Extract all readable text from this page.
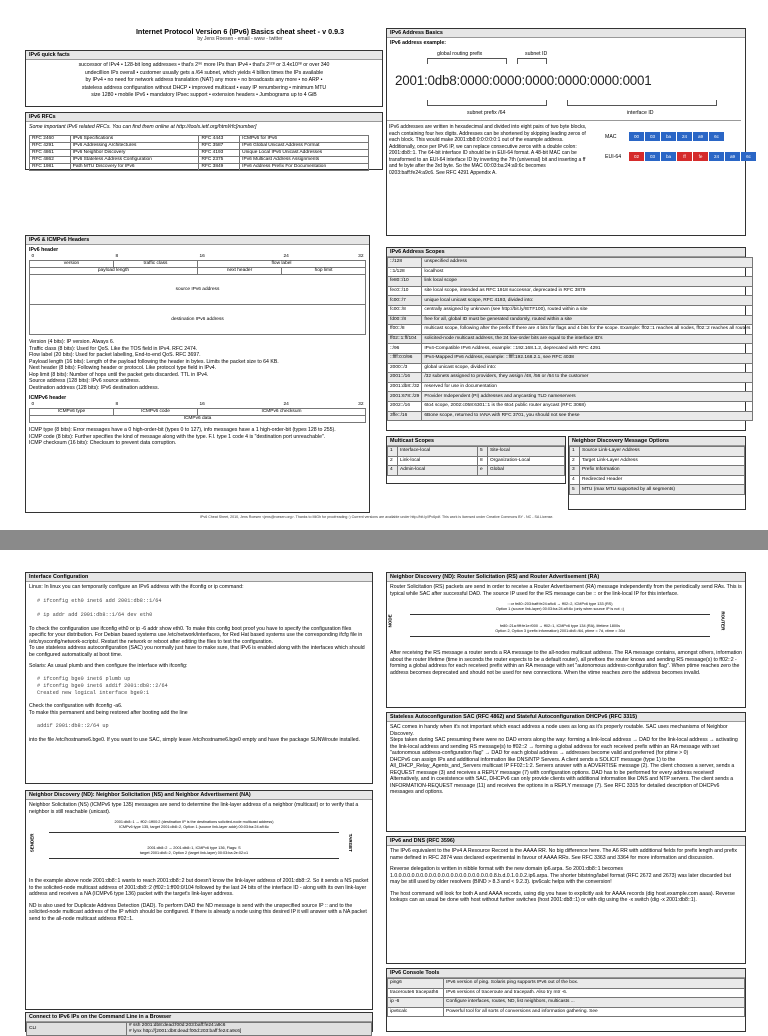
Internet Protocol Version 6 (IPv6) Basics cheat sheet - v 0.9.3
by Jens Roesen - email - www - twitter
IPv6 quick facts
successor of IPv4 • 128-bit long addresses • that's 2⁹⁶ more IPs than IPv4 • that's 2¹²⁸ or 3.4x10³⁸ or over 340
undecillion IPs overall • customer usually gets a /64 subnet, which yields 4 billion times the IPs available
by IPv4 • no need for network address translation (NAT) any more • no broadcasts any more • no ARP •
stateless address configuration without DHCP • improved multicast • easy IP renumbering • minimum MTU
size 1280 • mobile IPv6 • mandatory IPsec support • extension headers • Jumbograms up to 4 GiB
IPv6 RFCs
Some important IPv6 related RFCs. You can find them online at http://tools.ietf.org/html/rfc[number]
RFC 2460	IPv6 Specifications	RFC 4443	ICMPv6 for IPv6
RFC 4291	IPv6 Addressing Architectures	RFC 3587	IPv6 Global Unicast Address Format
RFC 4861	IPv6 Neighbor Discovery	RFC 4193	Unique Local IPv6 Unicast Addresses
RFC 4862	IPv6 Stateless Address Configuration	RFC 2375	IPv6 Multicast Address Assignments
RFC 1981	Path MTU Discovery for IPv6	RFC 3849	IPv6 Address Prefix For Documentation
IPv6 & ICMPv6 Headers
IPv6 header
0	8	16	24 32

version	traffic class	flow label	
payload length		next header	hop limit
source IPv6 address			
destination IPv6 address			
Version (4 bits): IP version. Always 6.
Traffic class (8 bits): Used for QoS. Like the TOS field in IPv4. RFC 2474.
Flow label (20 bits): Used for packet labelling, End-to-end QoS. RFC 3697.
Payload length (16 bits): Length of the payload following the header in bytes. Limits the packet size to 64 KB.
Next header (8 bits): Following header or protocol. Like protocol type field in IPv4.
Hop limit (8 bits): Number of hops until the packet gets discarded. TTL in IPv4.
Source address (128 bits): IPv6 source address.
Destination address (128 bits): IPv6 destination address.
ICMPv6 header
0	8	16	24 32

ICMPv6 type	ICMPv6 code	ICMPv6 checksum	
ICMPv6 data			
ICMP type (8 bits): Error messages have a 0 high-order-bit (types 0 to 127), info messages have a 1 high-order-bit (types 128 to 255).
ICMP code (8 bits): Further specifies the kind of message along with the type. F.I. type 1 code 4 is "destination port unreachable".
ICMP checksum (16 bits): Checksum to prevent data corruption.
IPv6 Address Basics
IPv6 address example:
global routing prefix	subnet ID
2001:0db8:0000:0000:0000:0000:0000:0001
subnet prefix /64	interface ID
IPv6 addresses are written in hexadecimal and divided into eight pairs of two byte blocks, each containing four hex digits. Addresses can be shortened by skipping leading zeros of each block. This would make 2001:db8:0:0:0:0:0:1 out of the example address. Additionally, once per IPv6 IP, we can replace consecutive zeros with a double colon: 2001:db8::1. The 64-bit interface ID should be in EUI-64 format. A 48-bit MAC can be transformed to an EUI-64 interface ID by inverting the 7th (universal) bit and inserting a ff and fe byte after the 3rd byte. So the MAC 00:03:ba:24:a9:6c becomes 0203:baff:fe24:a9c6. See RFC 4291 Appendix A.
MAC
EUI-64
00	03	ba	24	a9	6c
02	03	ba	ff	fe	24	a9	6c
IPv6 Address Scopes
::/128	unspecified address
::1/128	localhost
fe80::/10	link local scope
fec0::/10	site local scope, intended as RFC 1918 successor, deprecated in RFC 3879
fc00::/7	unique local unicast scope, RFC 4193, divided into:
fc00::/8	centrally assigned by unknown (see http://bit.ly/IETF100), routed within a site
fd00::/8	free for all, global ID must be generated randomly, routed within a site
ff00::/8	multicast scope, following after the prefix ff there are 4 bits for flags and 4 bits for the scope. Example: ff02::1 reaches all nodes, ff02::2 reaches all routers
ff02::1:ff/104	solicited-node multicast address, the 24 low-order bits are equal to the interface ID's
::/96	IPv4-Compatible IPv6 Address, example: ::192.168.1.2, deprecated with RFC 4291
::ffff:0:0/96	IPv4-Mapped IPv6 Address, example: ::ffff:192.168.2.1, see RFC 4038
2000::/3	global unicast scope, divided into:
2001::/16	/32 subnets assigned to providers, they assign /48, /56 or /64 to the customer
2001:db8::/32	reserved for use in documentation
2001:678::/29	Provider Independent (PI) addresses and anycasting TLD nameservers
2002::/16	6to4 scope, 2002:c058:6301::1 is the 6to4 public router anycast (RFC 3068)
3ffe::/16	6Bone scope, returned to IANA with RFC 3701, you should not see these
Multicast Scopes
1	Interface-local	5	Site-local
2	Link-local	8	Organization-Local
4	Admin-local	e	Global
Neighbor Discovery Message Options
1	Source Link-Layer Address
2	Target Link-Layer Address
3	Prefix Information
4	Redirected Header
5	MTU (max MTU supported by all segments)
IPv6 Cheat Sheet, 2010, Jens Roesen <jens@roesen.org>. Thanks to MiGh for proofreading :) Current versions are available under http://bit.ly/IPv6pdf. This work is licensed under Creative Commons BY - NC - SA License.
Interface Configuration
Linux: In linux you can temporarily configure an IPv6 address with the ifconfig or ip command:
# ifconfig eth0 inet6 add 2001:db8::1/64
# ip addr add 2001:db8::1/64 dev eth0
To check the configuration use ifconfig eth0 or ip -6 addr show eth0. To make this config boot proof you have to specify the configuration files specific for your distribution. For Debian based systems use /etc/network/interfaces, for Red Hat based systems use the corresponding ifcfg file in /etc/sysconfig/network-scripts/. Restart the network or reboot after editing the files to test the configuration.
To use stateless address autoconfiguration (SAC) you normally just have to make sure, that IPv6 is enabled along with the interfaces which should be configured automatically at boot time.
Solaris: As usual plumb and then configure the interface with ifconfig:
# ifconfig bge0 inet6 plumb up
# ifconfig bge0 inet6 addif 2001:db8::2/64
Created new logical interface bge0:1
Check the configuration with ifconfig -a6.
To make this permanent and being restored after booting add the line
addif 2001:db8::2/64 up
into the file /etc/hostname6.bge0. If you want to use SAC, simply leave /etc/hostname6.bge0 empty and have the package SUNWroute installed.
Neighbor Discovery (ND): Neighbor Solicitation (NS) and Neighbor Advertisement (NA)
Neighbor Solicitation (NS) (ICMPv6 type 135) messages are send to determine the link-layer address of a neighbor (multicast) or to verify that a neighbor is still reachable (unicast).
SENDER	TARGET
2001:db8::1 → ff02::1ff00:2 (destination IP is the destinations solicited-node multicast address)
ICMPv6 type 135, target 2001:db8::2, Option 1 (source link-layer addr) 00:03:ba:24:a9:6c
2001:db8::2 → 2001:db8::1, ICMPv6 type 136, Flags: S
target 2001:db8::2, Option 2 (target link-layer) 00:03:ba:2e:02:c1
In the example above node 2001:db8::1 wants to reach 2001:db8::2 but doesn't know the link-layer address of 2001:db8::2. So it sends a NS packet to the solicited-node multicast address of 2001:db8::2 (ff02::1:ff00:0/104 followed by the last 24 bits of the interface ID - along with its own link-layer address and receives a NA (ICMPv6 type 136) packet with the target's link-layer address.
ND is also used for Duplicate Address Detection (DAD). To perform DAD the ND message is send with the unspecified source IP :: and to the solicited-node multicast address of the IP which should be configured. If there is already a node using this desired IP it will answer with a NA packet send to the all-node multicast address ff02::1.
Connect to IPv6 IPs on the Command Line in a Browser
CLI	
# ssh 2001:db8:dead:f00d:203:baff:fe24:a9c6
# lynx http://[2001:db8:dead:f00d:203:baff:fe24:a9c6]
Neighbor Discovery (ND): Router Solicitation (RS) and Router Advertisement (RA)
Router Solicitation (RS) packets are send in order to receive a Router Advertisement (RA) message independently from the periodically send RAs. This is typical while SAC after successful DAD. The source IP used for the RS message can be :: or the link-local IP for this interface.
NODE	ROUTER
:: or fe80::203:baff:fe24:a9c6 → ff02::2, ICMPv6 type 133 (RS)
Option 1 (source link-layer) 00:03:ba:24:a9:6c (only when source IP is not ::)
fe80::21a:9ff:fe1e:f000 → ff02::1, ICMPv6 type 134 (RA), lifetime 1800s
Option 2, Option 3 (prefix information) 2001:db8::/64, ptime = 7d, vtime = 30d
After receiving the RS message a router sends a RA message to the all-nodes multicast address. The RA message contains, amongst others, information about the router lifetime (time in seconds the router expects to be a default router), all prefixes the router knows and sending RS message(s) to ff02::2 - forming a global address for each received prefix within an RA message with set "autonomous address-configuration flag". When ptime reaches zero the address becomes deprecated and should not be used for new connections. When the vtime reaches zero the address becomes invalid.
Stateless Autoconfiguration SAC (RFC 4862) and Stateful Autoconfiguration DHCPv6 (RFC 3315)
SAC comes in handy when it's not important which exact address a node uses as long as it's properly routable. SAC uses mechanisms of Neighbor Discovery.
Steps taken during SAC presuming there were no DAD errors along the way: forming a link-local address → DAD for the link-local address → activating the link-local address and sending RS message(s) to ff02::2 → forming a global address for each received prefix within an RA message with set "autonomous address-configuration flag" → DAD for each global address → addresses become valid and preferred (for ptime > 0)
DHCPv6 can assign IPs and additional information like DNS/NTP Servers. A client sends a SOLICIT message (type 1) to the All_DHCP_Relay_Agents_and_Servers multicast IP FF02::1:2. Servers answer with a ADVERTISE message (2). The client chooses a server, sends a REQUEST message (3) and receives a REPLY message (7) with configuration options. DAD has to be performed for every address received! Alternatively, and in coexistence with SAC, DHCPv6 can only provide clients with additional information like DNS and NTP servers. The client sends a INFORMATION-REQUEST message (11) and receives the options in a REPLY message (7). See RFC 3315 for detailed description of DHCPv6 messages and options.
IPv6 and DNS (RFC 3596)
The IPv6 equivalent to the IPv4 A Resource Record is the AAAA RR. No big difference here. The A6 RR with additional fields for prefix length and prefix name defined in RFC 2874 was declared experimental in favour of AAAA RRs. See RFC 3363 and 3364 for more information and discussion.
Reverse delegation is written in nibble format with the new domain ip6.arpa. So 2001:db8::1 becomes 1.0.0.0.0.0.0.0.0.0.0.0.0.0.0.0.0.0.0.0.0.0.0.0.8.b.d.0.1.0.0.2.ip6.arpa. The shorter bitstring/label format (RFC 2672 and 2673) was later discarded but may be still used by older resolvers (BIND > 8.3 and < 9.2.3). ipv6calc helps with the conversion!
The host command will look for both A and AAAA records, using dig you have to explicitly ask for AAAA records (dig host.example.com aaaa). Reverse lookups can as usual be done with host without further switches (host 2001:db8::1) or with dig using the -x switch (dig -x 2001:db8::1).
IPv6 Console Tools
ping6	IPv6 version of ping. Solaris ping supports IPv6 out of the box.
traceroute6 tracepath6	IPv6 versions of traceroute and tracepath. Also try mtr -6.
ip -6	Configure interfaces, routes, ND, list neighbors, multicasts ...
ipv6calc	Powerful tool for all sorts of conversions and information gathering. See
